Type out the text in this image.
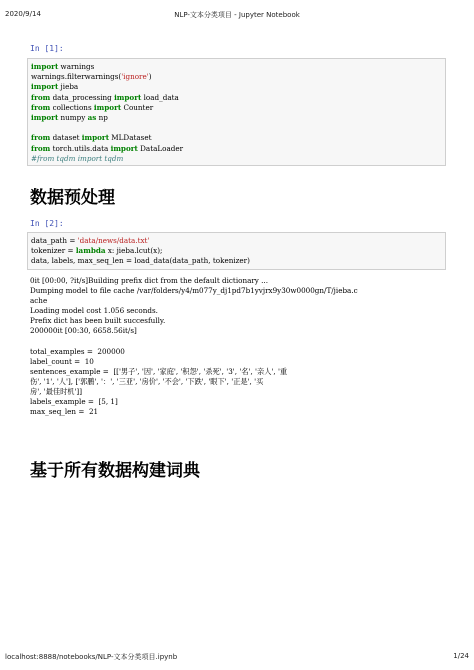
2020/9/14	NLP-文本分类项目 - Jupyter Notebook
In [1]:
import warnings
warnings.filterwarnings('ignore')
import jieba
from data_processing import load_data
from collections import Counter
import numpy as np

from dataset import MLDataset
from torch.utils.data import DataLoader
#from tqdm import tqdm
数据预处理
In [2]:
data_path = 'data/news/data.txt'
tokenizer = lambda x: jieba.lcut(x);
data, labels, max_seq_len = load_data(data_path, tokenizer)
0it [00:00, ?it/s]Building prefix dict from the default dictionary ...
Dumping model to file cache /var/folders/y4/m077y_dj1pd7b1yvjrx9y30w0000gn/T/jieba.c
ache
Loading model cost 1.056 seconds.
Prefix dict has been built succesfully.
200000it [00:30, 6658.56it/s]
total_examples =  200000
label_count =  10
sentences_example =  [['男子', '因', '家庭', '积怨', '杀死', '3', '名', '亲人', '重
伤', '1', '人'], ['郭鹏', '：', '三亚', '房价', '不会', '下跌', '眼下', '正是', '买
房', '最佳时机']]
labels_example =  [5, 1]
max_seq_len =  21
基于所有数据构建词典
localhost:8888/notebooks/NLP-文本分类项目.ipynb	1/24
